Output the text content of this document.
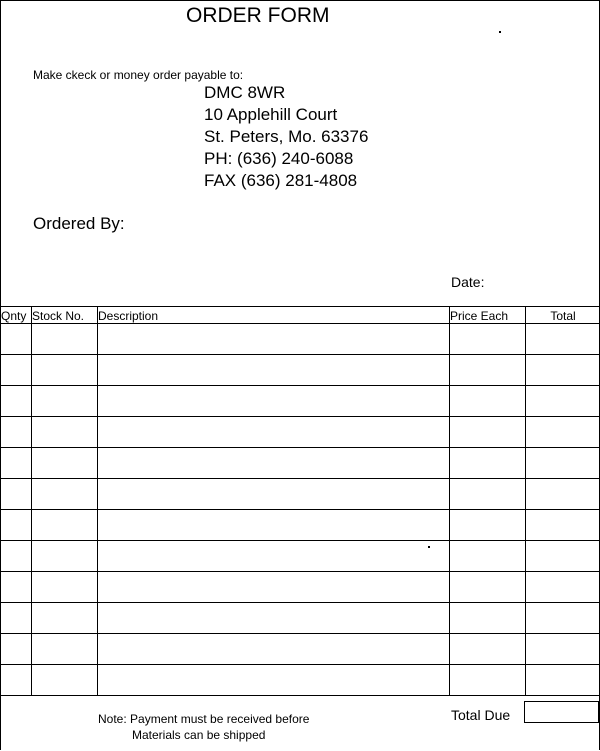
ORDER FORM
Make ckeck or money order payable to:
DMC 8WR
10 Applehill Court
St. Peters, Mo. 63376
PH: (636) 240-6088
FAX (636) 281-4808
Ordered By:
Date:
Qnty	Stock No.	Description	Price Each	Total

Note: Payment must be received before
Materials can be shipped
Total Due
